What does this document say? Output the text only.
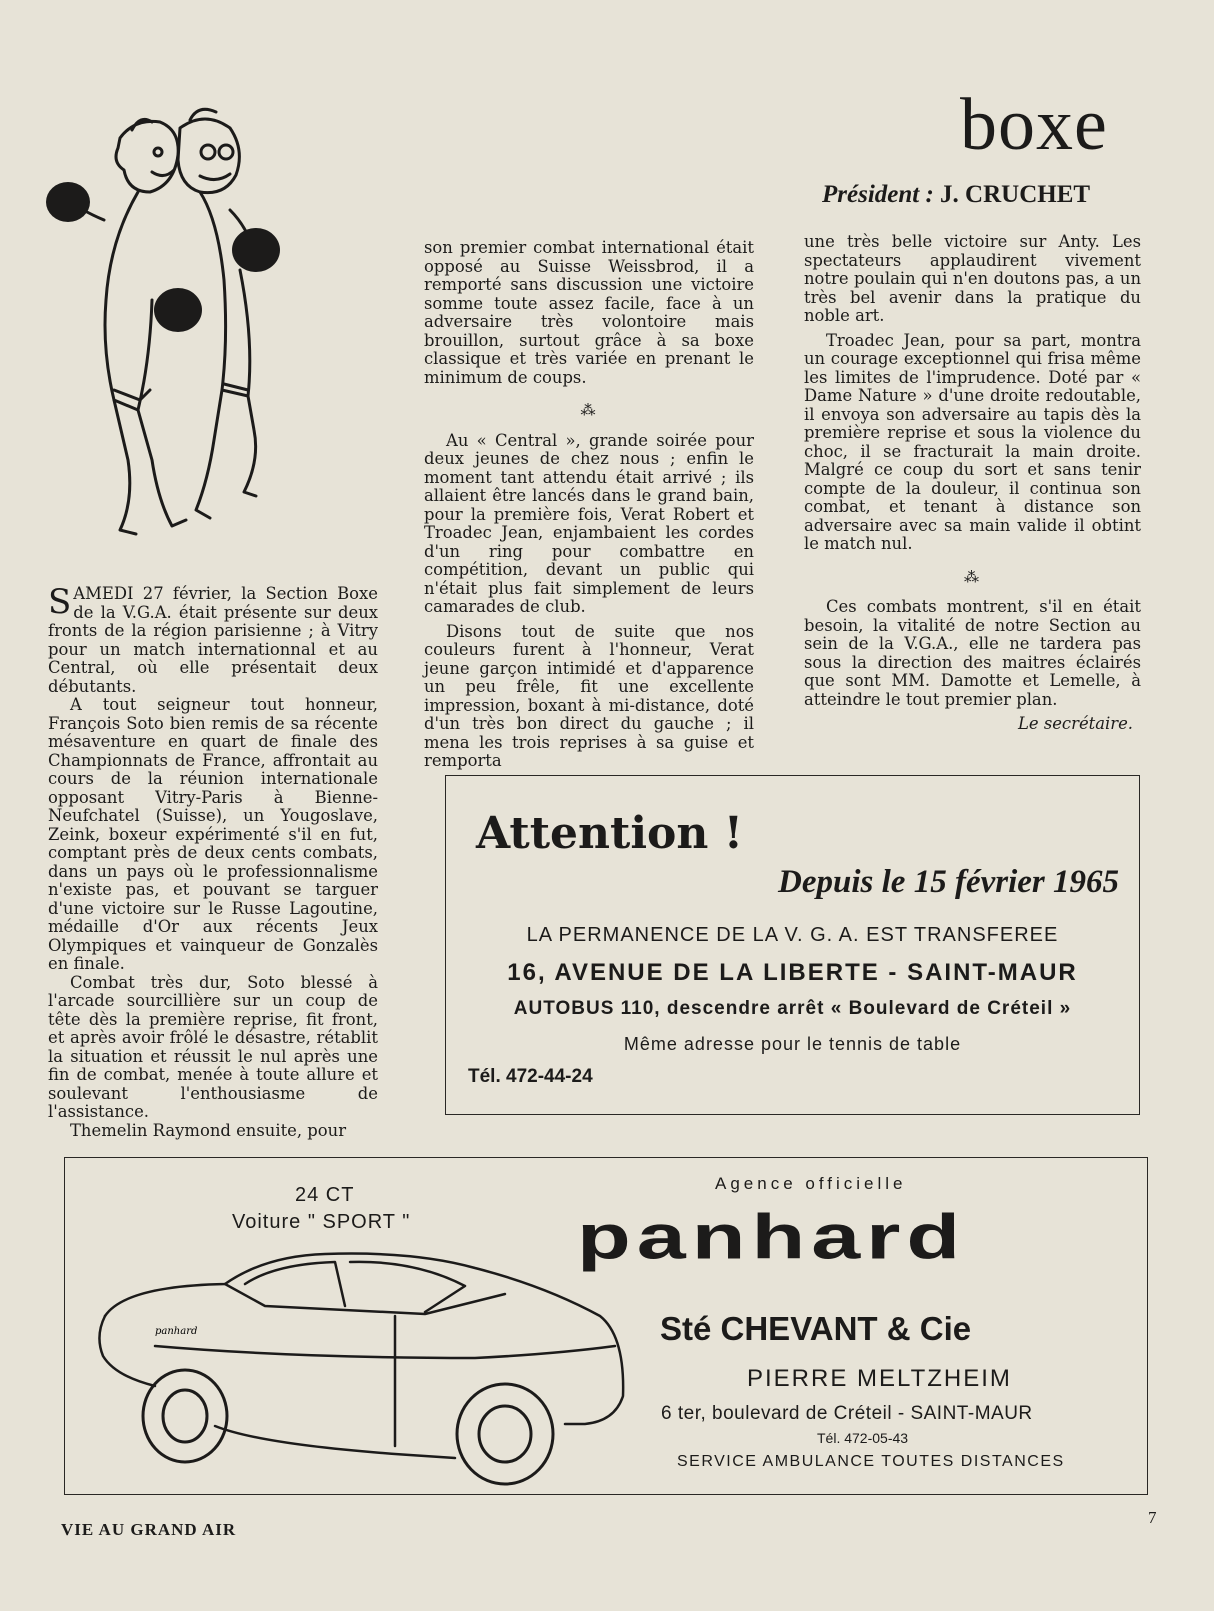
boxe
Président : J. CRUCHET

SAMEDI 27 février, la Section Boxe de la V.G.A. était présente sur deux fronts de la région parisienne ; à Vitry pour un match internationnal et au Central, où elle présentait deux débutants.

A tout seigneur tout honneur, François Soto bien remis de sa récente mésaventure en quart de finale des Championnats de France, affrontait au cours de la réunion internationale opposant Vitry-Paris à Bienne-Neufchatel (Suisse), un Yougoslave, Zeink, boxeur expérimenté s'il en fut, comptant près de deux cents combats, dans un pays où le professionnalisme n'existe pas, et pouvant se targuer d'une victoire sur le Russe Lagoutine, médaille d'Or aux récents Jeux Olympiques et vainqueur de Gonzalès en finale.

Combat très dur, Soto blessé à l'arcade sourcillière sur un coup de tête dès la première reprise, fit front, et après avoir frôlé le désastre, rétablit la situation et réussit le nul après une fin de combat, menée à toute allure et soulevant l'enthousiasme de l'assistance.

Themelin Raymond ensuite, pour

son premier combat international était opposé au Suisse Weissbrod, il a remporté sans discussion une victoire somme toute assez facile, face à un adversaire très volontoire mais brouillon, surtout grâce à sa boxe classique et très variée en prenant le minimum de coups.

⁂

Au « Central », grande soirée pour deux jeunes de chez nous ; enfin le moment tant attendu était arrivé ; ils allaient être lancés dans le grand bain, pour la première fois, Verat Robert et Troadec Jean, enjambaient les cordes d'un ring pour combattre en compétition, devant un public qui n'était plus fait simplement de leurs camarades de club.

Disons tout de suite que nos couleurs furent à l'honneur, Verat jeune garçon intimidé et d'apparence un peu frêle, fit une excellente impression, boxant à mi-distance, doté d'un très bon direct du gauche ; il mena les trois reprises à sa guise et remporta

une très belle victoire sur Anty. Les spectateurs applaudirent vivement notre poulain qui n'en doutons pas, a un très bel avenir dans la pratique du noble art.

Troadec Jean, pour sa part, montra un courage exceptionnel qui frisa même les limites de l'imprudence. Doté par « Dame Nature » d'une droite redoutable, il envoya son adversaire au tapis dès la première reprise et sous la violence du choc, il se fracturait la main droite. Malgré ce coup du sort et sans tenir compte de la douleur, il continua son combat, et tenant à distance son adversaire avec sa main valide il obtint le match nul.

⁂

Ces combats montrent, s'il en était besoin, la vitalité de notre Section au sein de la V.G.A., elle ne tardera pas sous la direction des maitres éclairés que sont MM. Damotte et Lemelle, à atteindre le tout premier plan.

Le secrétaire.
Attention !
Depuis le 15 février 1965
LA PERMANENCE DE LA V. G. A. EST TRANSFEREE
16, AVENUE DE LA LIBERTE - SAINT-MAUR
AUTOBUS 110, descendre arrêt « Boulevard de Créteil »
Même adresse pour le tennis de table
Tél. 472-44-24
24 CT
Voiture " SPORT "
panhard
Agence officielle
panhard
Sté CHEVANT & Cie
PIERRE MELTZHEIM
6 ter, boulevard de Créteil - SAINT-MAUR
Tél. 472-05-43
SERVICE AMBULANCE TOUTES DISTANCES
VIE AU GRAND AIR
7
